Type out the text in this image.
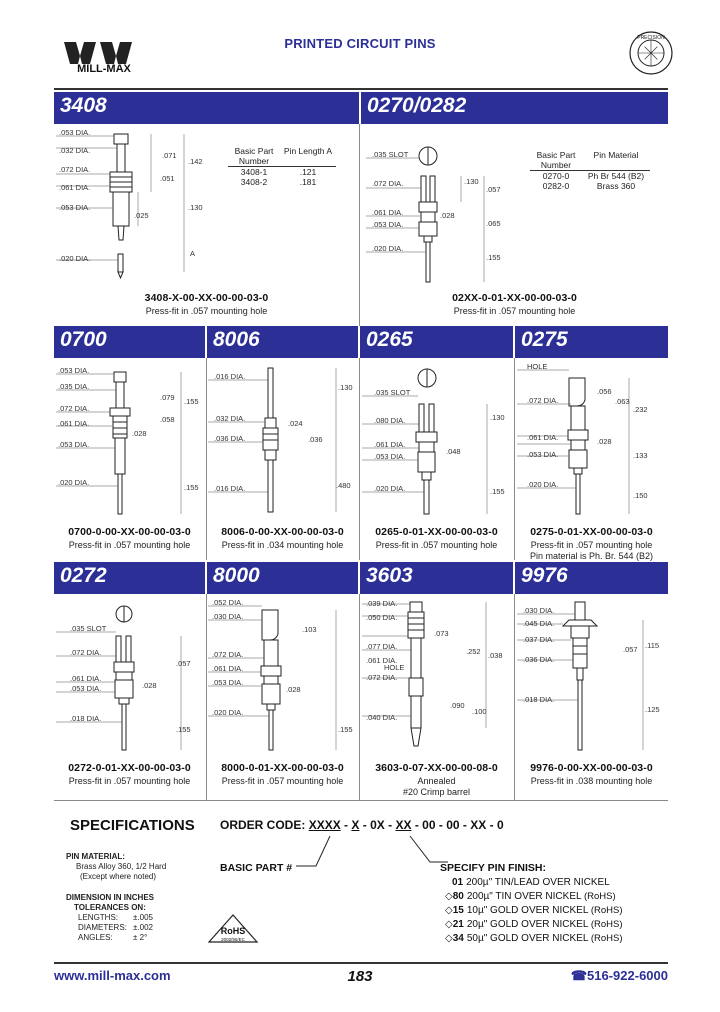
MILL-MAX
PRINTED CIRCUIT PINS	PRECISION
3408	0270/0282
.053 DIA.
.032 DIA.
.072 DIA.
.061 DIA.
.053 DIA.
.020 DIA.
.071
.051
.025
.142
.130
A
Basic Part Number
Pin Length A
3408-1	.121
3408-2	.181
3408-X-00-XX-00-00-03-0
Press-fit in .057 mounting hole
.035 SLOT
.072 DIA.
.061 DIA.
.053 DIA.
.020 DIA.
.130
.057
.028
.065
.155
Basic Part Number
Pin Material
0270-0	Ph Br 544 (B2)
0282-0	Brass 360
02XX-0-01-XX-00-00-03-0
Press-fit in .057 mounting hole
0700	8006	0265	0275
.053 DIA.
.035 DIA.
.072 DIA.
.061 DIA.
.053 DIA.
.020 DIA.
.079
.058
.028
.155
.155
0700-0-00-XX-00-00-03-0
Press-fit in .057 mounting hole
.016 DIA.
.032 DIA.
.036 DIA.
.016 DIA.
.130
.024
.036
.480
8006-0-00-XX-00-00-03-0
Press-fit in .034 mounting hole
.035 SLOT
.080 DIA.
.061 DIA.
.053 DIA.
.020 DIA.
.130
.048
.155
0265-0-01-XX-00-00-03-0
Press-fit in .057 mounting hole
HOLE
.072 DIA.
.061 DIA.
.053 DIA.
.020 DIA.
.056
.063
.232
.028
.133
.150
0275-0-01-XX-00-00-03-0
Press-fit in .057 mounting hole
Pin material is Ph. Br. 544 (B2)
0272	8000	3603	9976
.035 SLOT
.072 DIA.
.061 DIA.
.053 DIA.
.018 DIA.
.057
.028
.155
0272-0-01-XX-00-00-03-0
Press-fit in .057 mounting hole
.052 DIA.
.030 DIA.
.072 DIA.
.061 DIA.
.053 DIA.
.020 DIA.
.103
.028
.155
8000-0-01-XX-00-00-03-0
Press-fit in .057 mounting hole
.039 DIA.
.050 DIA.
.077 DIA.
.061 DIA.
.072 DIA.
.040 DIA.
HOLE
.073
.252
.090
.100
.038
3603-0-07-XX-00-00-08-0
Annealed
#20 Crimp barrel
.030 DIA.
.045 DIA.
.037 DIA.
.036 DIA.
.018 DIA.
.057 .115
.125
9976-0-00-XX-00-00-03-0
Press-fit in .038 mounting hole
SPECIFICATIONS
PIN MATERIAL:
Brass Alloy 360, 1/2 Hard
(Except where noted)
DIMENSION IN INCHES
TOLERANCES ON:
LENGTHS: ±.005
DIAMETERS: ±.002
ANGLES:	± 2°
ORDER CODE: XXXX - X - 0X - XX - 00 - 00 - XX - 0
BASIC PART #	SPECIFY PIN FINISH:
01 200µ" TIN/LEAD OVER NICKEL
◇80 200µ" TIN OVER NICKEL (RoHS)
◇15 10µ" GOLD OVER NICKEL (RoHS)
◇21 20µ" GOLD OVER NICKEL (RoHS)
◇34 50µ" GOLD OVER NICKEL (RoHS)
RoHS
2002/95/EC
www.mill-max.com	183	☎516-922-6000
